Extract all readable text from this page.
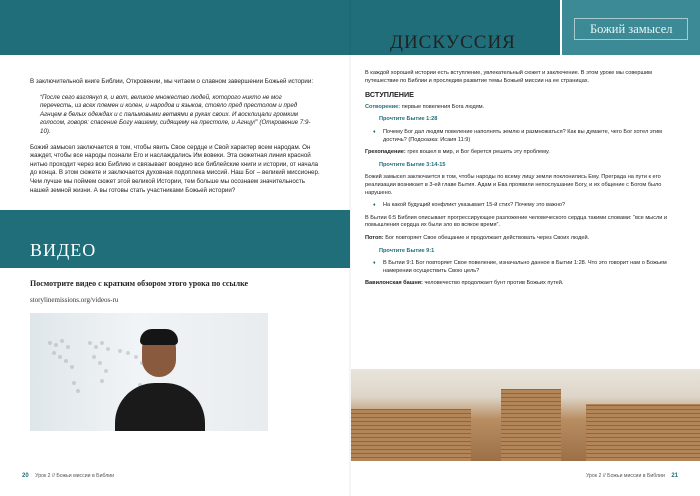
Божий замысел

В заключительной книге Библии, Откровении, мы читаем о славном завершении Божьей истории:

“После сего взглянул я, и вот, великое множество людей, которого никто не мог перечесть, из всех племен и колен, и народов и языков, стояло пред престолом и пред Агнцем в белых одеждах и с пальмовыми ветвями в руках своих. И восклицали громким голосом, говоря: спасение Богу нашему, сидящему на престоле, и Агнцу!” (Откровение 7:9-10).

Божий замысел заключается в том, чтобы явить Свое сердце и Свой характер всем народам. Он жаждет, чтобы все народы познали Его и наслаждались Им вовеки. Эта сюжетная линия красной нитью проходит через всю Библию и связывает воедино все библейские книги и истории, от начала до конца. В этом сюжете и заключается духовная подоплека миссий. Наш Бог – великий миссионер. Чем лучше мы поймем сюжет этой великой Истории, тем больше мы осознаем значительность нашей земной жизни. А вы готовы стать участниками Божьей истории?

ВИДЕО
Посмотрите видео с кратким обзором этого урока по ссылке
storylinemissions.org/videos-ru
20 Урок 2 // Божьи миссии в Библии
ДИСКУССИЯ

В каждой хорошей истории есть вступление, увлекательный сюжет и заключение. В этом уроке мы совершим путешествие по Библии и проследим развитие темы Божьей миссии на ее страницах.

ВСТУПЛЕНИЕ

Сотворение: первые повеления Бога людям.

Прочтите Бытие 1:28

♦ Почему Бог дал людям повеление наполнять землю и размножаться? Как вы думаете, чего Бог хотел этим достичь? (Подсказка: Исаия 11:9)

Грехопадение: грех вошел в мир, и Бог берется решить эту проблему.

Прочтите Бытие 3:14-15

Божий замысел заключается в том, чтобы народы по всему лицу земли поклонились Ему. Преграда на пути к его реализации возникает в 3-ей главе Бытия. Адам и Ева проявили непослушание Богу, и их общение с Богом было нарушено.

♦ На какой будущий конфликт указывает 15-й стих? Почему это важно?

В Бытии 6:5 Библия описывает прогрессирующее разложение человеческого сердца такими словами: “все мысли и помышления сердца их были зло во всякое время”.

Потоп: Бог повторяет Свое обещание и продолжает действовать через Своих людей.

Прочтите Бытие 9:1

♦ В Бытии 9:1 Бог повторяет Свое повеление, изначально данное в Бытии 1:28. Что это говорит нам о Божьем намерении осуществить Свою цель?

Вавилонская башня: человечество продолжает бунт против Божьих путей.

Урок 2 // Божьи миссии в Библии 21
